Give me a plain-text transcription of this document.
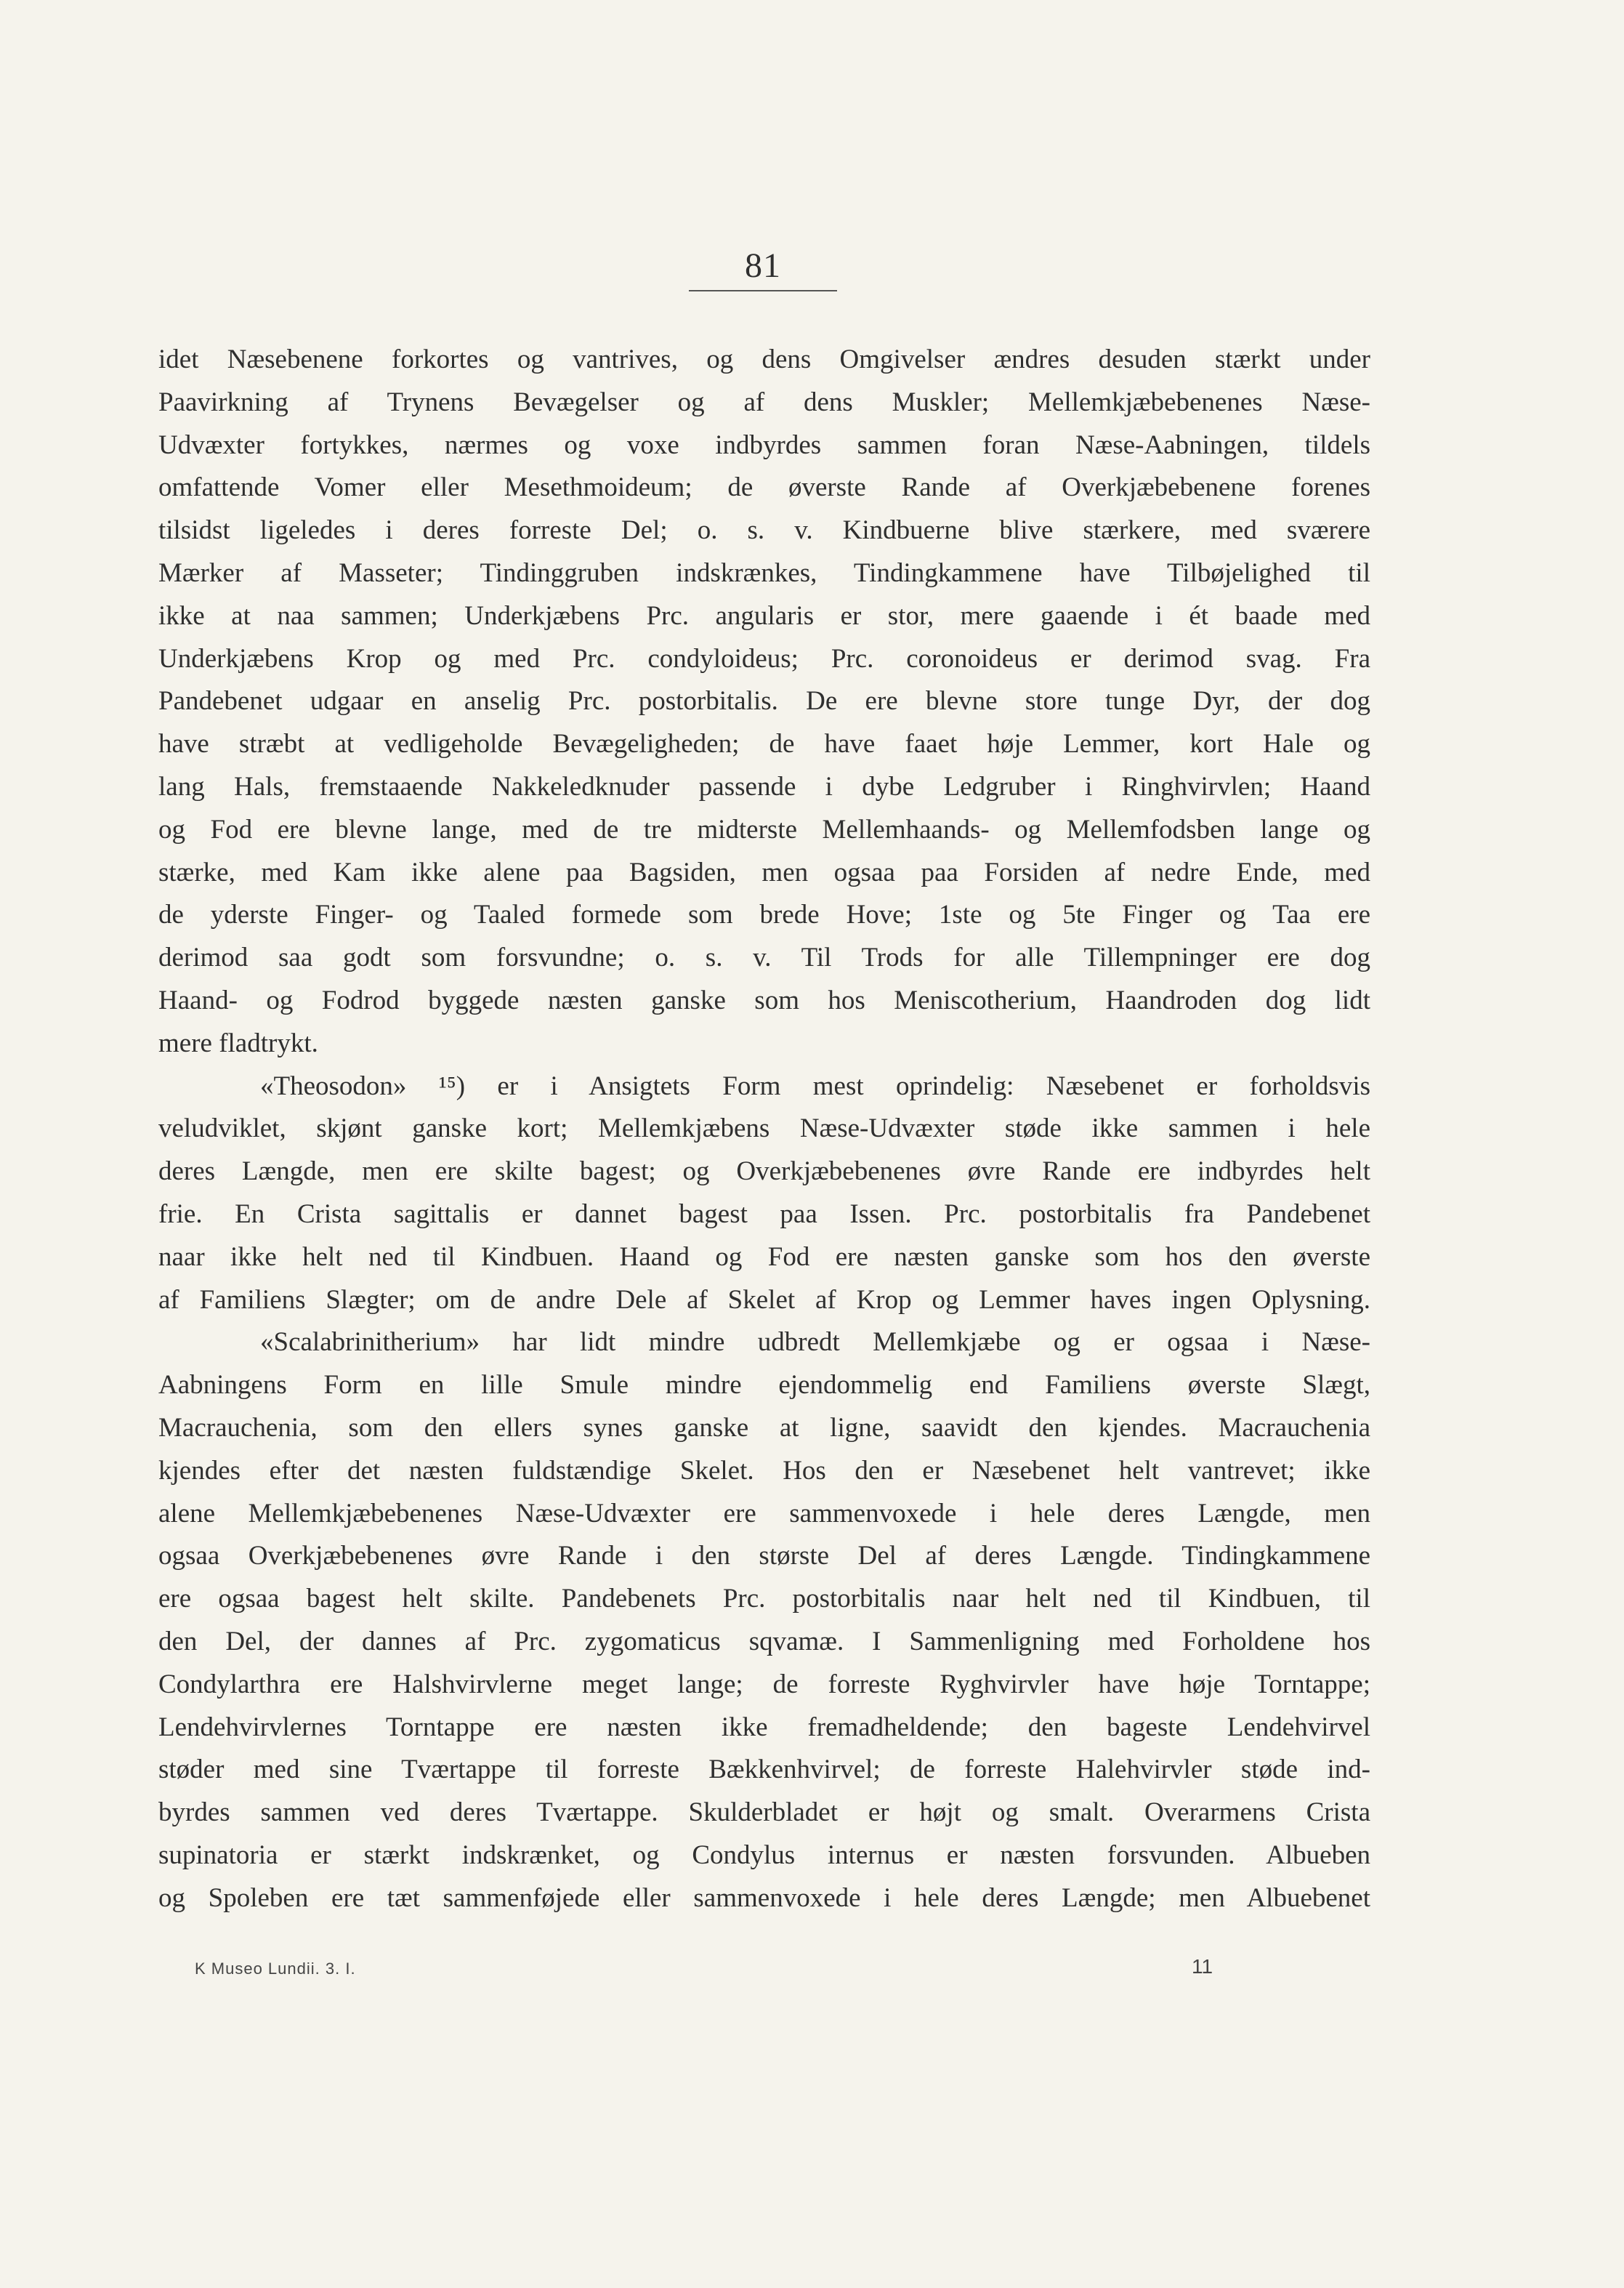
81
idet Næsebenene forkortes og vantrives, og dens Omgivelser ændres desuden stærkt under
Paavirkning af Trynens Bevægelser og af dens Muskler; Mellemkjæbebenenes Næse-
Udvæxter fortykkes, nærmes og voxe indbyrdes sammen foran Næse-Aabningen, tildels
omfattende Vomer eller Mesethmoideum; de øverste Rande af Overkjæbebenene forenes
tilsidst ligeledes i deres forreste Del; o. s. v. Kindbuerne blive stærkere, med sværere
Mærker af Masseter; Tindinggruben indskrænkes, Tindingkammene have Tilbøjelighed til
ikke at naa sammen; Underkjæbens Prc. angularis er stor, mere gaaende i ét baade med
Underkjæbens Krop og med Prc. condyloideus; Prc. coronoideus er derimod svag. Fra
Pandebenet udgaar en anselig Prc. postorbitalis. De ere blevne store tunge Dyr, der dog
have stræbt at vedligeholde Bevægeligheden; de have faaet høje Lemmer, kort Hale og
lang Hals, fremstaaende Nakkeledknuder passende i dybe Ledgruber i Ringhvirvlen; Haand
og Fod ere blevne lange, med de tre midterste Mellemhaands- og Mellemfodsben lange og
stærke, med Kam ikke alene paa Bagsiden, men ogsaa paa Forsiden af nedre Ende, med
de yderste Finger- og Taaled formede som brede Hove; 1ste og 5te Finger og Taa ere
derimod saa godt som forsvundne; o. s. v. Til Trods for alle Tillempninger ere dog
Haand- og Fodrod byggede næsten ganske som hos Meniscotherium, Haandroden dog lidt
mere fladtrykt.
«Theosodon» ¹⁵) er i Ansigtets Form mest oprindelig: Næsebenet er forholdsvis
veludviklet, skjønt ganske kort; Mellemkjæbens Næse-Udvæxter støde ikke sammen i hele
deres Længde, men ere skilte bagest; og Overkjæbebenenes øvre Rande ere indbyrdes helt
frie. En Crista sagittalis er dannet bagest paa Issen. Prc. postorbitalis fra Pandebenet
naar ikke helt ned til Kindbuen. Haand og Fod ere næsten ganske som hos den øverste
af Familiens Slægter; om de andre Dele af Skelet af Krop og Lemmer haves ingen Oplysning.
«Scalabrinitherium» har lidt mindre udbredt Mellemkjæbe og er ogsaa i Næse-
Aabningens Form en lille Smule mindre ejendommelig end Familiens øverste Slægt,
Macrauchenia, som den ellers synes ganske at ligne, saavidt den kjendes. Macrauchenia
kjendes efter det næsten fuldstændige Skelet. Hos den er Næsebenet helt vantrevet; ikke
alene Mellemkjæbebenenes Næse-Udvæxter ere sammenvoxede i hele deres Længde, men
ogsaa Overkjæbebenenes øvre Rande i den største Del af deres Længde. Tindingkammene
ere ogsaa bagest helt skilte. Pandebenets Prc. postorbitalis naar helt ned til Kindbuen, til
den Del, der dannes af Prc. zygomaticus sqvamæ. I Sammenligning med Forholdene hos
Condylarthra ere Halshvirvlerne meget lange; de forreste Ryghvirvler have høje Torntappe;
Lendehvirvlernes Torntappe ere næsten ikke fremadheldende; den bageste Lendehvirvel
støder med sine Tværtappe til forreste Bækkenhvirvel; de forreste Halehvirvler støde ind-
byrdes sammen ved deres Tværtappe. Skulderbladet er højt og smalt. Overarmens Crista
supinatoria er stærkt indskrænket, og Condylus internus er næsten forsvunden. Albueben
og Spoleben ere tæt sammenføjede eller sammenvoxede i hele deres Længde; men Albuebenet
K Museo Lundii. 3. I.	11
